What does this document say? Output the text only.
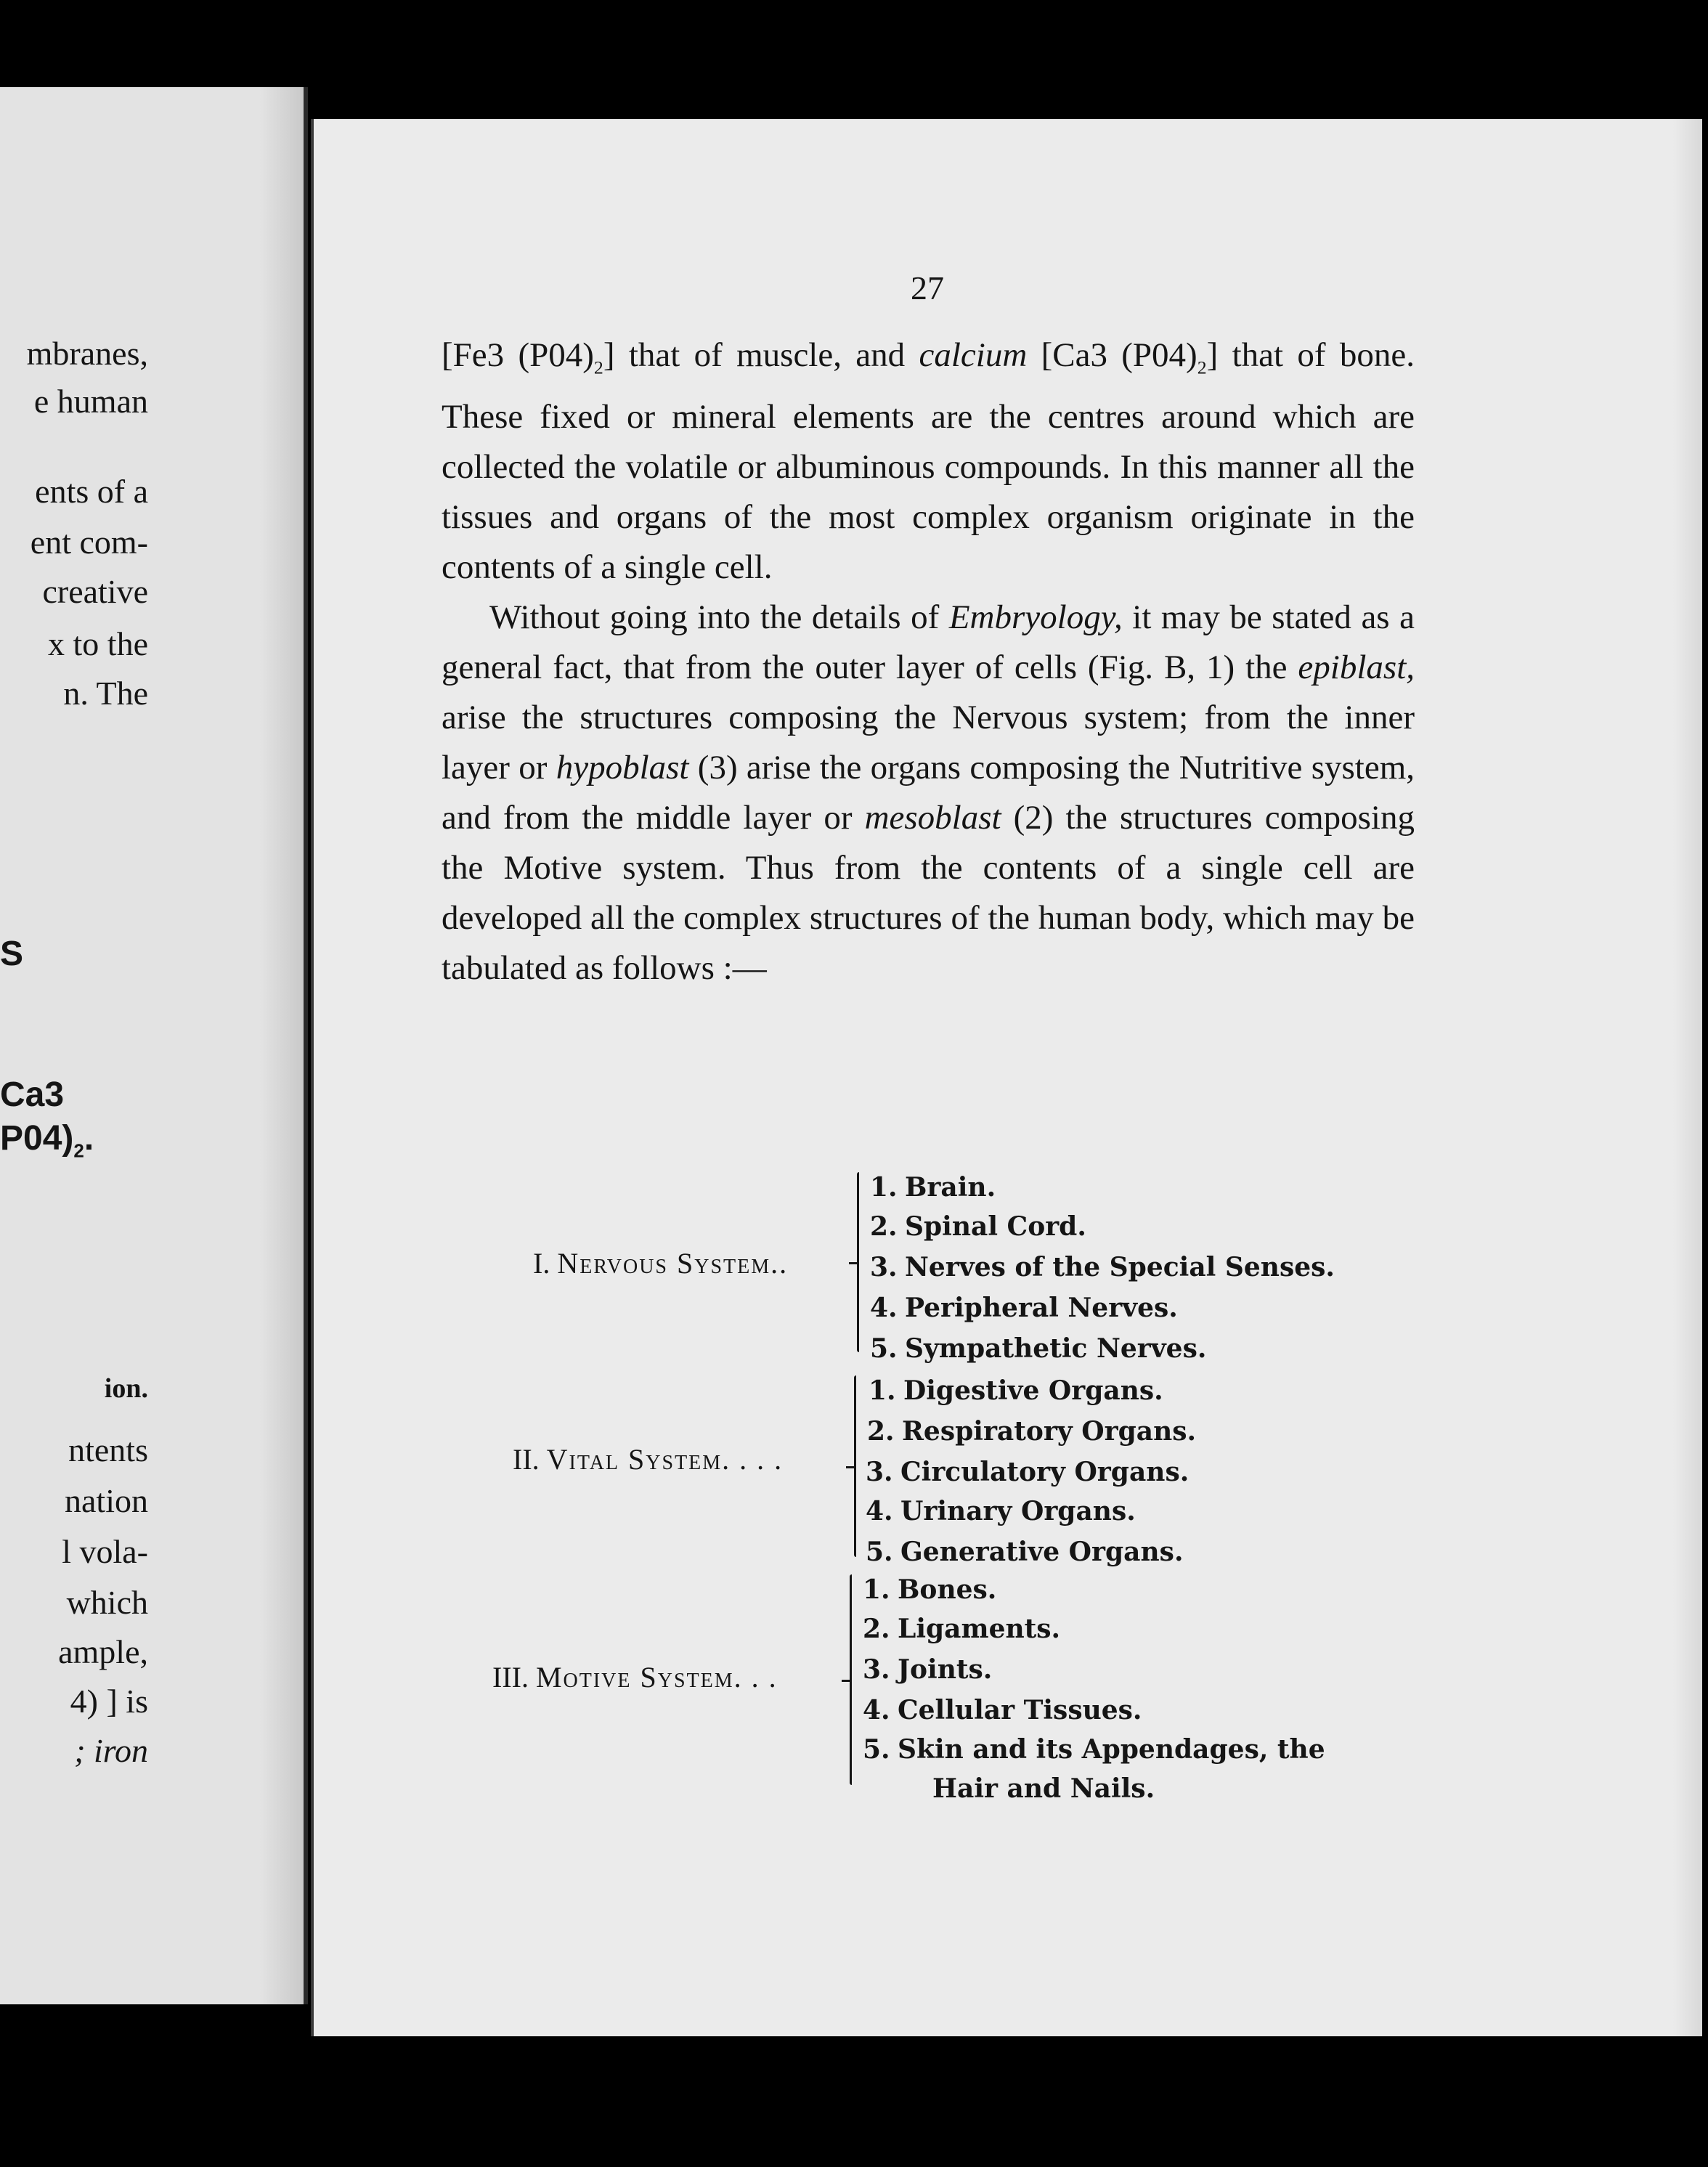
mbranes,
e human
ents of a
ent com-
creative
x to the
n. The
S
Ca3
$P04)_2$.
ion.
ntents
nation
l vola-
which
ample,
4) ] is
; iron
27

[Fe3 $(P04)_2$] that of muscle, and calcium [Ca3 $(P04)_2$] that of bone. These fixed or mineral elements are the centres around which are collected the volatile or albuminous compounds. In this manner all the tissues and organs of the most complex organism originate in the contents of a single cell.

Without going into the details of Embryology, it may be stated as a general fact, that from the outer layer of cells (Fig. B, 1) the epiblast, arise the structures composing the Nervous system; from the inner layer or hypoblast (3) arise the organs composing the Nutritive system, and from the middle layer or mesoblast (2) the structures composing the Motive system. Thus from the contents of a single cell are developed all the complex structures of the human body, which may be tabulated as follows :—

I. Nervous System..
1. Brain.
2. Spinal Cord.
3. Nerves of the Special Senses.
4. Peripheral Nerves.
5. Sympathetic Nerves.
II. Vital System. . . .
1. Digestive Organs.
2. Respiratory Organs.
3. Circulatory Organs.
4. Urinary Organs.
5. Generative Organs.
III. Motive System. . .
1. Bones.
2. Ligaments.
3. Joints.
4. Cellular Tissues.
5. Skin and its Appendages, the
Hair and Nails.
